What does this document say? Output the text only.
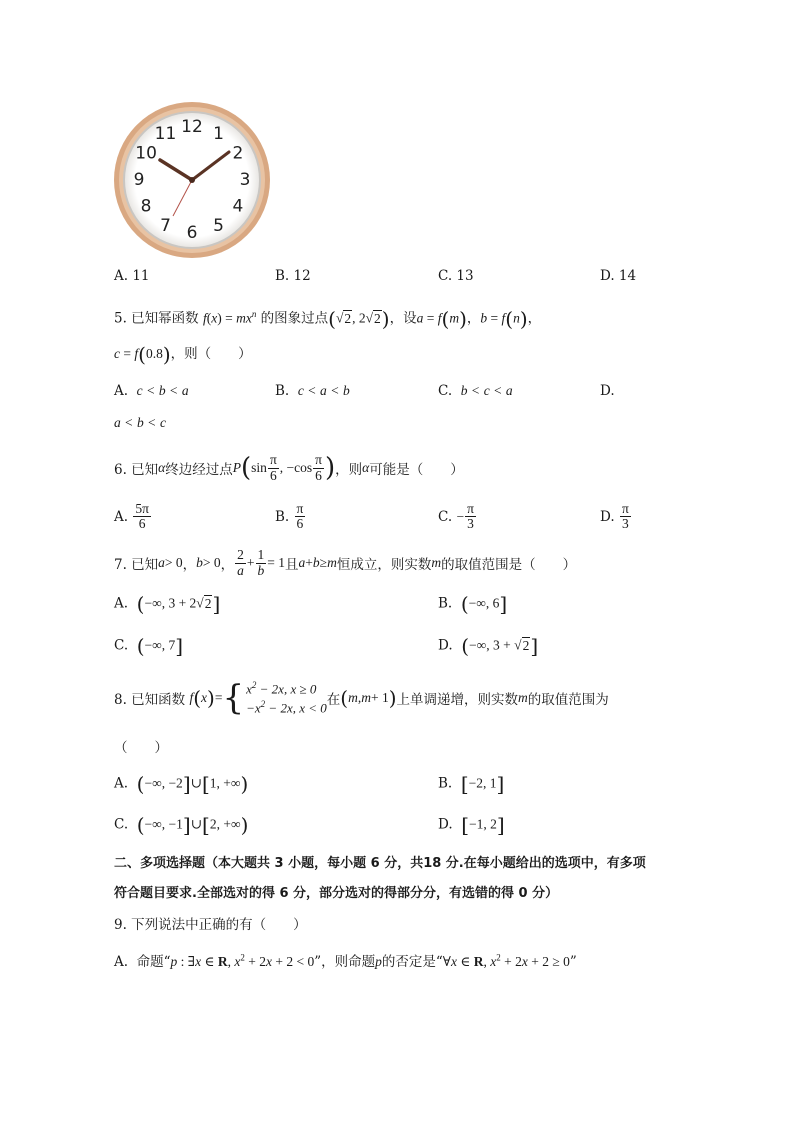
12 1
2
3
4
5
6
7
8
9
10
11
A. 11	B. 12	C. 13	D. 14
5. 已知幂函数 $f(x) = mx^n$ 的图象过点(√2, 2√2)，设a = f(m)，b = f(n)，
c = f(0.8)，则（　　）
A. c < b < a	B. c < a < b	C. b < c < a	D.
a < b < c
6. 已知 α 终边经过点 P ( $\sin \frac{\pi}{6}$ , $-\cos \frac{\pi}{6}$ ) ，则 α 可能是（　　）
A.
$\frac{5\pi}{6}$	B.
$\frac{\pi}{6}$	C.
− $\frac{\pi}{3}$	D.
$\frac{\pi}{3}$
7. 已知 a > 0 ， b > 0 ， $\frac{2}{a} + \frac{1}{b} = 1$ 且 a + b ≥ m 恒成立，则实数 m 的取值范围是（　　）
A. (−∞, 3 + 2√2]	B. (−∞, 6]
C. (−∞, 7]	D. (−∞, 3 + √2]
8. 已知函数
f ( x ) = { $x^2 - 2x$, x ≥ 0
$-x^2 - 2x$, x < 0 在 ( m , m + 1 ) 上单调递增，则实数 m 的取值范围为
（　　）
A. (−∞, −2]∪[1, +∞)	B. [−2, 1]
C. (−∞, −1]∪[2, +∞)	D. [−1, 2]
二、多项选择题（本大题共 3 小题，每小题 6 分，共18 分.在每小题给出的选项中，有多项
符合题目要求.全部选对的得 6 分，部分选对的得部分分，有选错的得 0 分）
9. 下列说法中正确的有（　　）
A. 命题“p : ∃x ∈ R, $x^2 + 2x + 2 < 0$”，则命题p的否定是“∀x ∈ R, $x^2 + 2x + 2 \ge 0$”
